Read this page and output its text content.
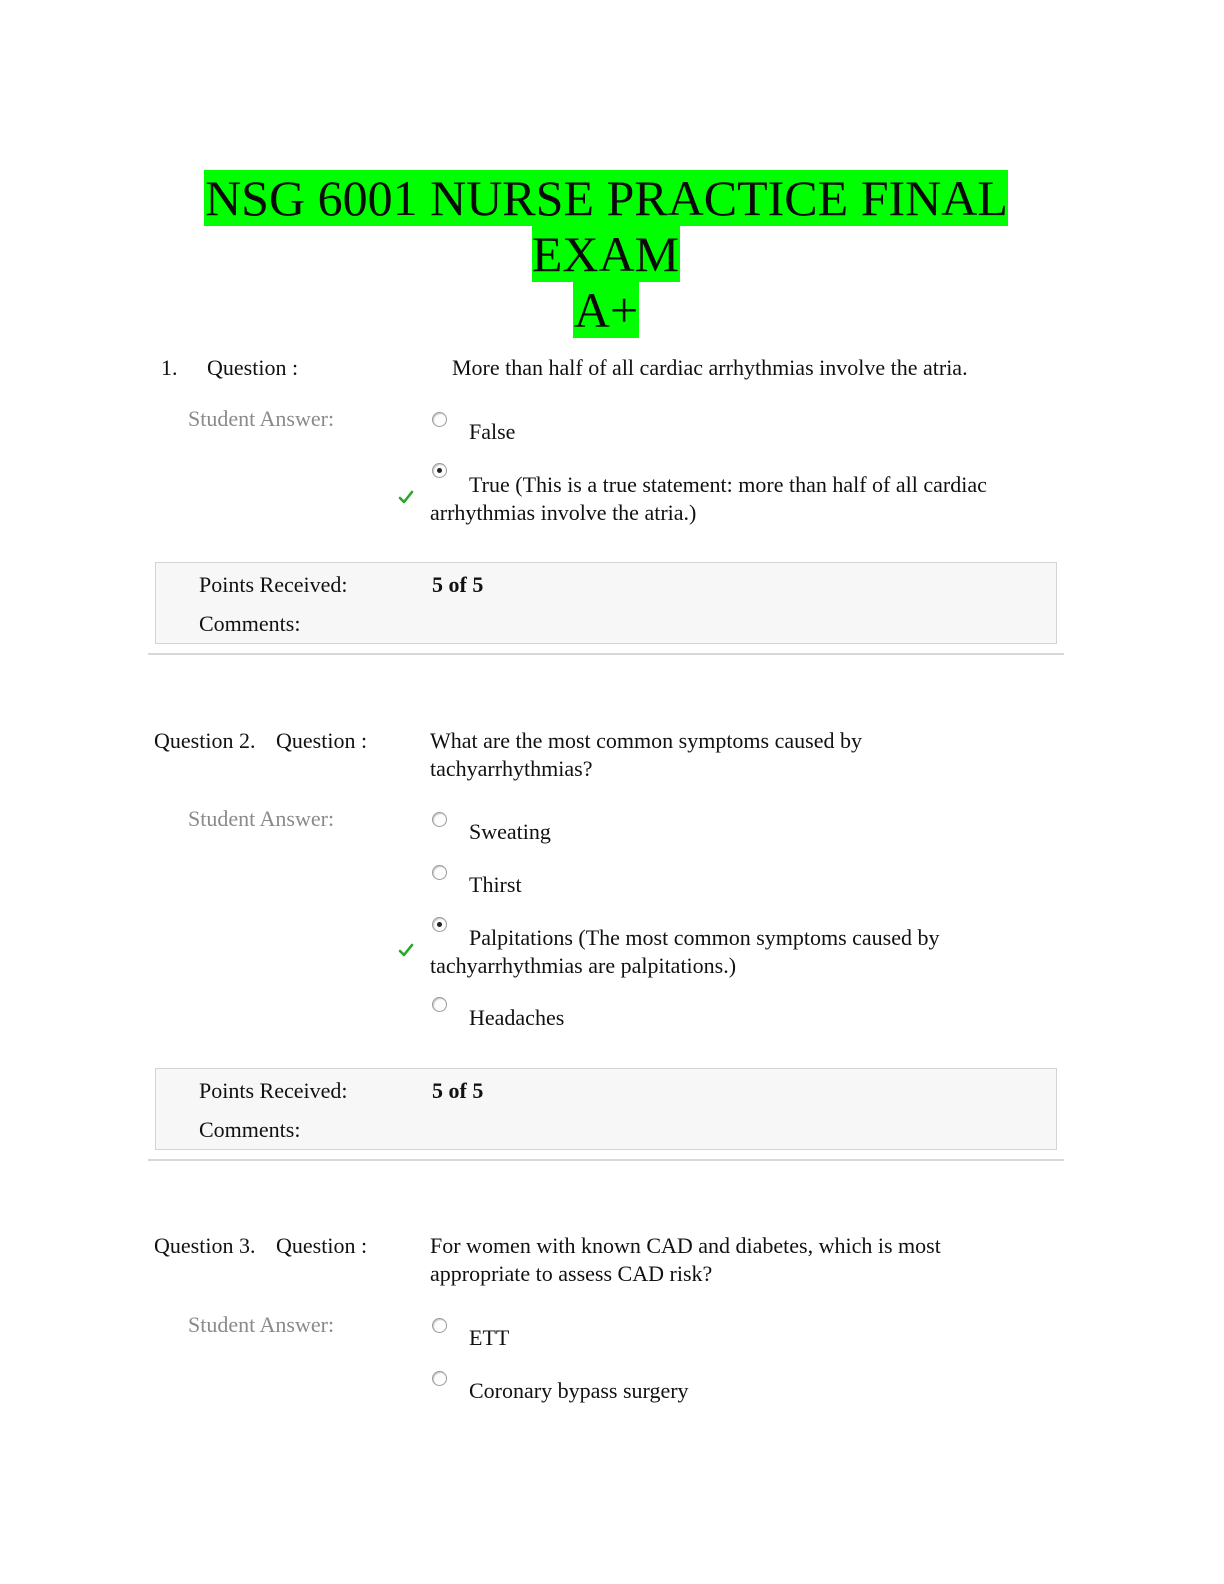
NSG 6001 NURSE PRACTICE FINAL EXAM
A+
1. Question :	More than half of all cardiac arrhythmias involve the atria.
Student Answer:
False
True (This is a true statement: more than half of all cardiac
arrhythmias involve the atria.)
Points Received:	5 of 5
Comments:
Question 2. Question :	What are the most common symptoms caused by
tachyarrhythmias?
Student Answer:
Sweating
Thirst
Palpitations (The most common symptoms caused by
tachyarrhythmias are palpitations.)
Headaches
Points Received:	5 of 5
Comments:
Question 3. Question :	For women with known CAD and diabetes, which is most
appropriate to assess CAD risk?
Student Answer:
ETT
Coronary bypass surgery
